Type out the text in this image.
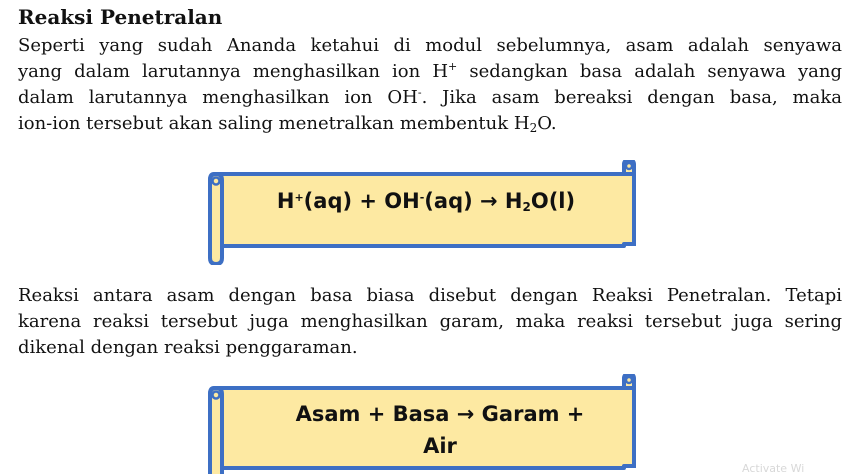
Reaksi Penetralan
Seperti yang sudah Ananda ketahui di modul sebelumnya, asam adalah senyawa
yang dalam larutannya menghasilkan ion H+ sedangkan basa adalah senyawa yang
dalam larutannya menghasilkan ion OH-. Jika asam bereaksi dengan basa, maka
ion-ion tersebut akan saling menetralkan membentuk $H_2O$.
$H^+(aq) + OH^-(aq) \to H_2O(l)$
Reaksi antara asam dengan basa biasa disebut dengan Reaksi Penetralan. Tetapi
karena reaksi tersebut juga menghasilkan garam, maka reaksi tersebut juga sering
dikenal dengan reaksi penggaraman.
Asam + Basa → Garam +
Air
Activate Wi
